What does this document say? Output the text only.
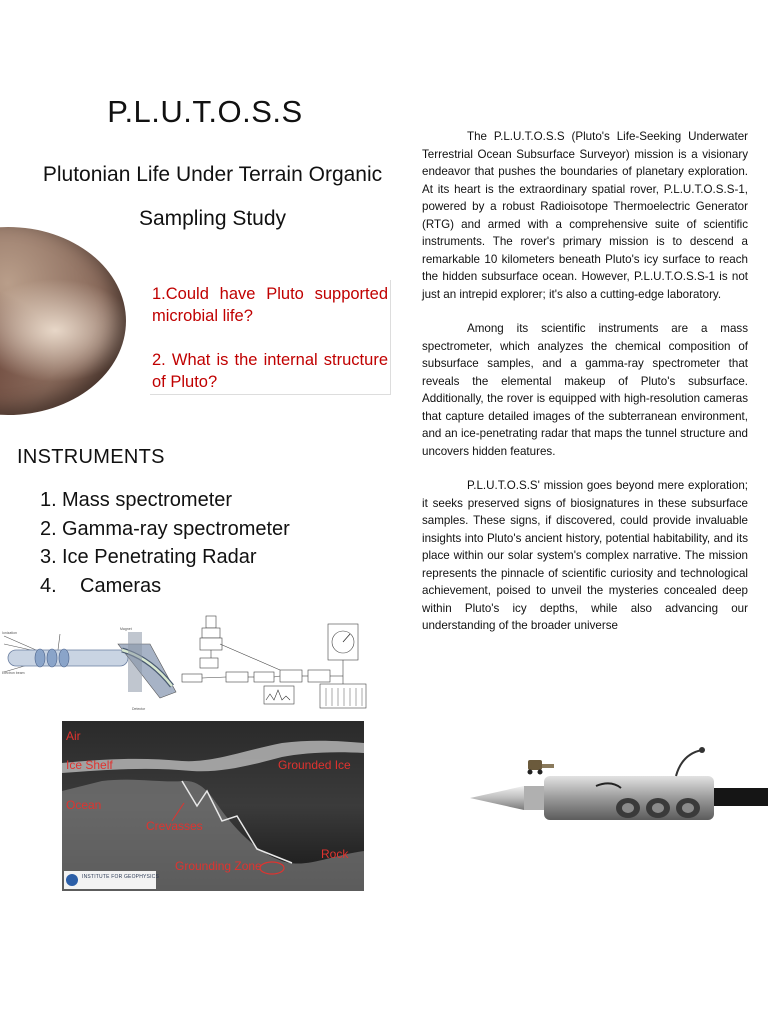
P.L.U.T.O.S.S
Plutonian Life Under Terrain Organic
Sampling Study
1.Could have Pluto supported microbial life?
2. What is the internal structure of Pluto?
INSTRUMENTS
1. Mass spectrometer
2. Gamma-ray spectrometer
3. Ice Penetrating Radar
4. Cameras

The P.L.U.T.O.S.S (Pluto's Life-Seeking Underwater Terrestrial Ocean Subsurface Surveyor) mission is a visionary endeavor that pushes the boundaries of planetary exploration. At its heart is the extraordinary spatial rover, P.L.U.T.O.S.S-1, powered by a robust Radioisotope Thermoelectric Generator (RTG) and armed with a comprehensive suite of scientific instruments. The rover's primary mission is to descend a remarkable 10 kilometers beneath Pluto's icy surface to reach the hidden subsurface ocean. However, P.L.U.T.O.S.S-1 is not just an intrepid explorer; it's also a cutting-edge laboratory.

Among its scientific instruments are a mass spectrometer, which analyzes the chemical composition of subsurface samples, and a gamma-ray spectrometer that reveals the elemental makeup of Pluto's subsurface. Additionally, the rover is equipped with high-resolution cameras that capture detailed images of the subterranean environment, and an ice-penetrating radar that maps the tunnel structure and uncovers hidden features.

P.L.U.T.O.S.S' mission goes beyond mere exploration; it seeks preserved signs of biosignatures in these subsurface samples. These signs, if discovered, could provide invaluable insights into Pluto's ancient history, potential habitability, and its place within our solar system's complex narrative. The mission represents the pinnacle of scientific curiosity and technological achievement, poised to unveil the mysteries concealed deep within Pluto's icy depths, while also advancing our understanding of the broader universe

Ionization
Electron beam
Magnet
Detector
Air
Ice Shelf	Grounded Ice
Ocean
Crevasses
Rock
Grounding Zone
INSTITUTE FOR GEOPHYSICS
